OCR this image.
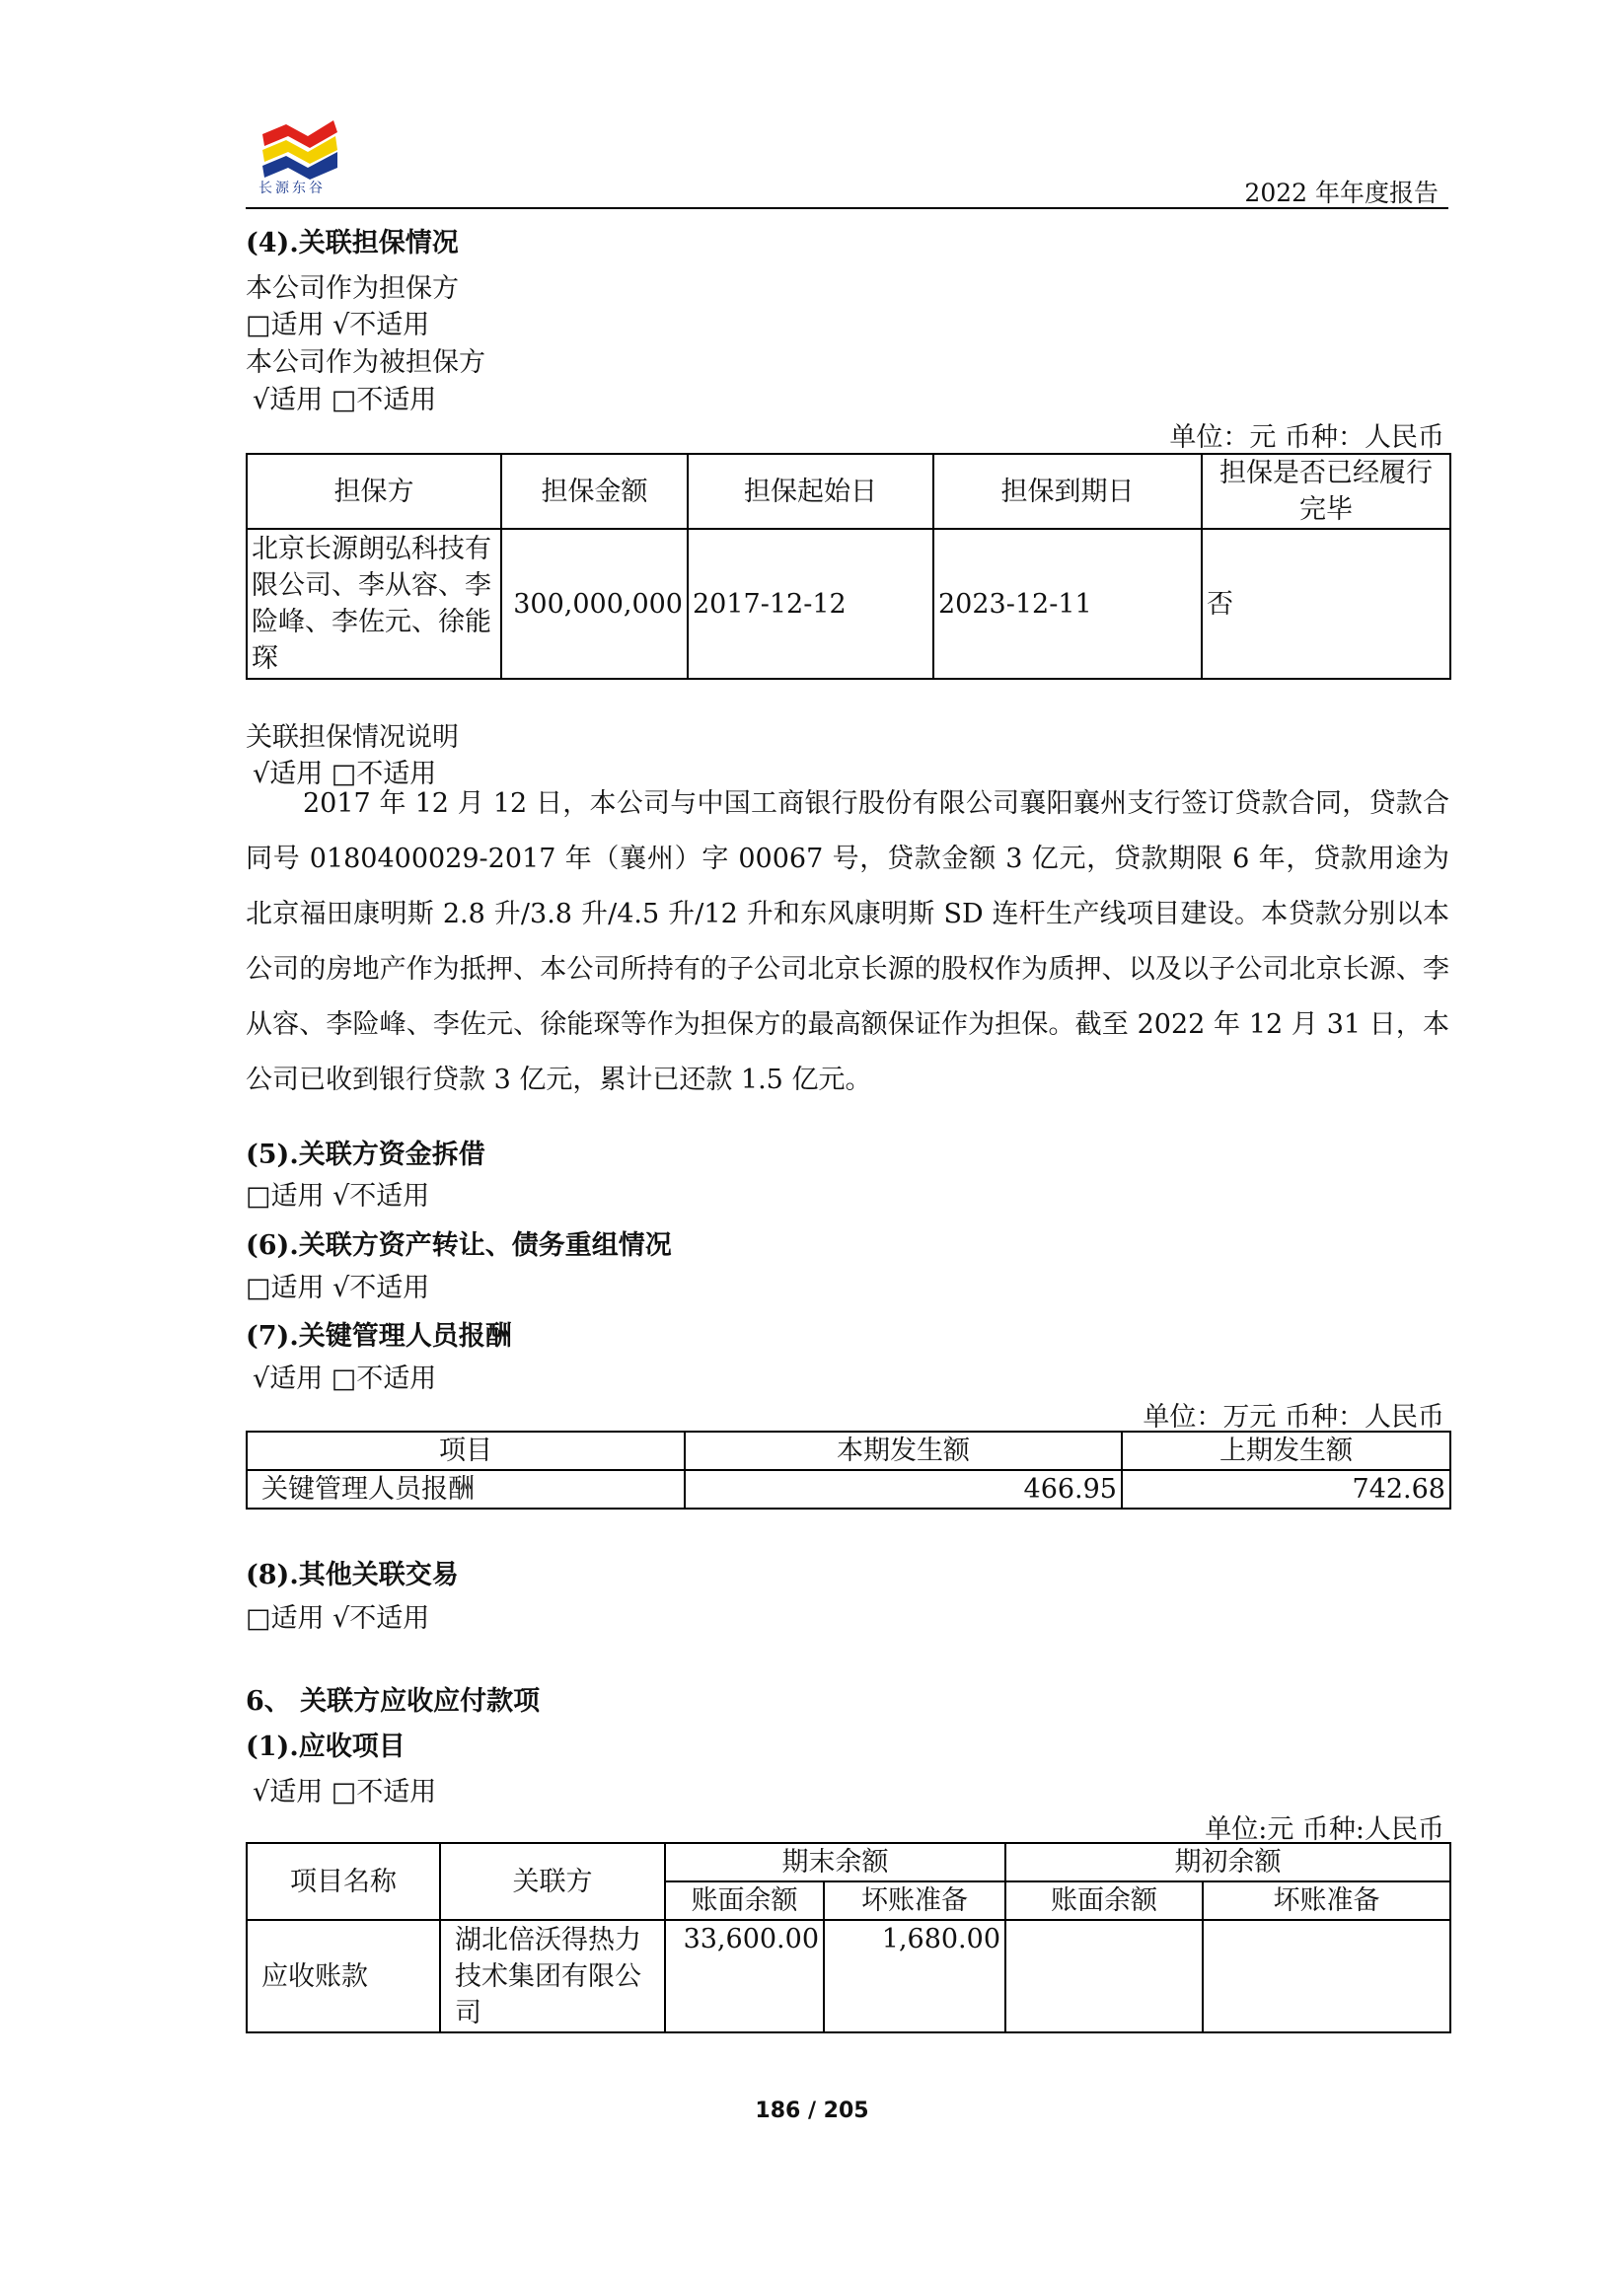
长源东谷	2022 年年度报告
(4).关联担保情况
本公司作为担保方
□适用 √不适用
本公司作为被担保方
√适用 □不适用
单位：元 币种：人民币
担保方	担保金额	担保起始日	担保到期日	担保是否已经履行完毕
北京长源朗弘科技有限公司、李从容、李险峰、李佐元、徐能琛	300,000,000	2017-12-12	2023-12-11	否
关联担保情况说明
√适用 □不适用

2017 年 12 月 12 日，本公司与中国工商银行股份有限公司襄阳襄州支行签订贷款合同，贷款合同号 0180400029-2017 年（襄州）字 00067 号，贷款金额 3 亿元，贷款期限 6 年，贷款用途为北京福田康明斯 2.8 升/3.8 升/4.5 升/12 升和东风康明斯 SD 连杆生产线项目建设。本贷款分别以本公司的房地产作为抵押、本公司所持有的子公司北京长源的股权作为质押、以及以子公司北京长源、李从容、李险峰、李佐元、徐能琛等作为担保方的最高额保证作为担保。截至 2022 年 12 月 31 日，本公司已收到银行贷款 3 亿元，累计已还款 1.5 亿元。

(5).关联方资金拆借
□适用 √不适用
(6).关联方资产转让、债务重组情况
□适用 √不适用
(7).关键管理人员报酬
√适用 □不适用
单位：万元 币种：人民币
项目	本期发生额	上期发生额
关键管理人员报酬	466.95	742.68
(8).其他关联交易
□适用 √不适用
6、 关联方应收应付款项
(1).应收项目
√适用 □不适用
单位:元 币种:人民币
项目名称	关联方	期末余额		期初余额	
		账面余额	坏账准备	账面余额	坏账准备
应收账款	湖北倍沃得热力技术集团有限公司	33,600.00	1,680.00		
186 / 205
